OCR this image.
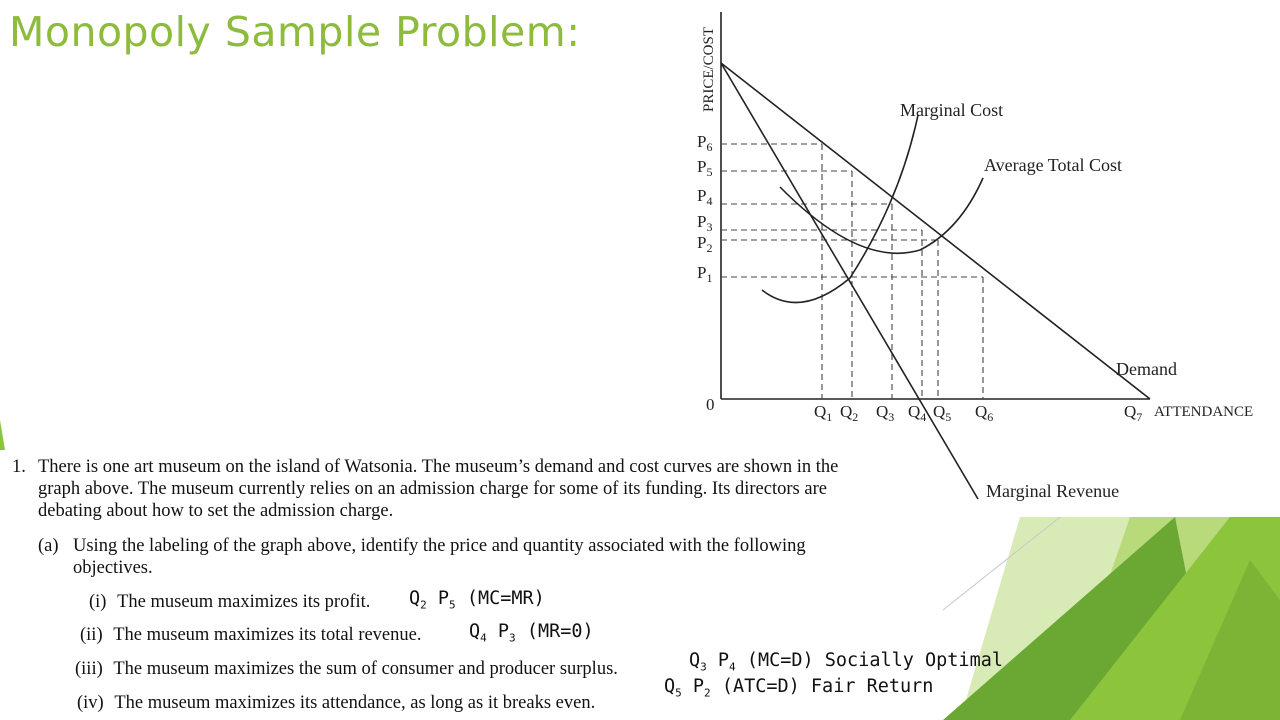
Monopoly Sample Problem:	PRICE/COST
ATTENDANCE
0
Marginal Cost
Average Total Cost
Demand
Marginal Revenue
$P_6$
$P_5$
$P_4$
$P_3$
$P_2$
$P_1$
$Q_1$ $Q_2$ $Q_3$ $Q_4$ $Q_5$ $Q_6$	$Q_7$
1. There is one art museum on the island of Watsonia. The museum’s demand and cost curves are shown in the
graph above. The museum currently relies on an admission charge for some of its funding. Its directors are
debating about how to set the admission charge.
(a) Using the labeling of the graph above, identify the price and quantity associated with the following
objectives.
(i) The museum maximizes its profit.
(ii) The museum maximizes its total revenue.
(iii) The museum maximizes the sum of consumer and producer surplus.
(iv) The museum maximizes its attendance, as long as it breaks even.
$Q_2$ $P_5$ (MC=MR)
$Q_4$ $P_3$ (MR=0)
$Q_3$ $P_4$ (MC=D) Socially Optimal
$Q_5$ $P_2$ (ATC=D) Fair Return
